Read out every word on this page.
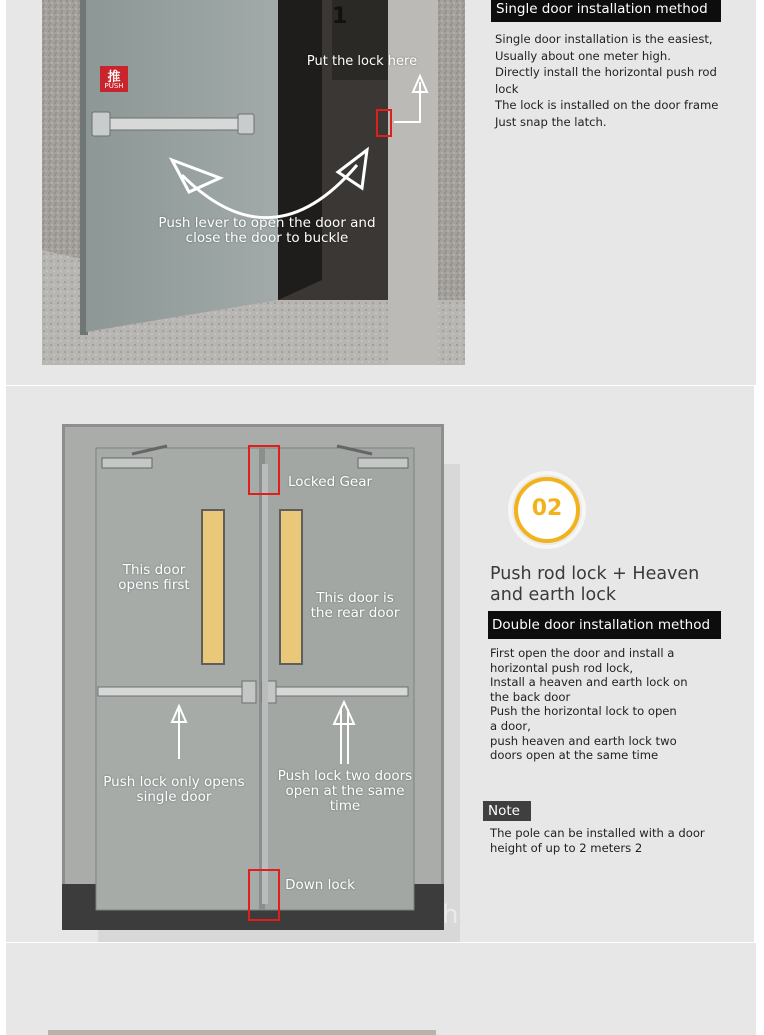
推
PUSH
1
Put the lock here
Push lever to open the door and
close the door to buckle
Single door installation method
Single door installation is the easiest,
Usually about one meter high.
Directly install the horizontal push rod
lock
The lock is installed on the door frame
Just snap the latch.
Locked Gear
This door
opens first
This door is
the rear door
Push lock only opens
single door
Push lock two doors
open at the same
time
Down lock
h
02
Push rod lock + Heaven
and earth lock
Double door installation method
First open the door and install a
horizontal push rod lock,
Install a heaven and earth lock on
the back door
Push the horizontal lock to open
a door,
push heaven and earth lock two
doors open at the same time
Note
The pole can be installed with a door
height of up to 2 meters 2
